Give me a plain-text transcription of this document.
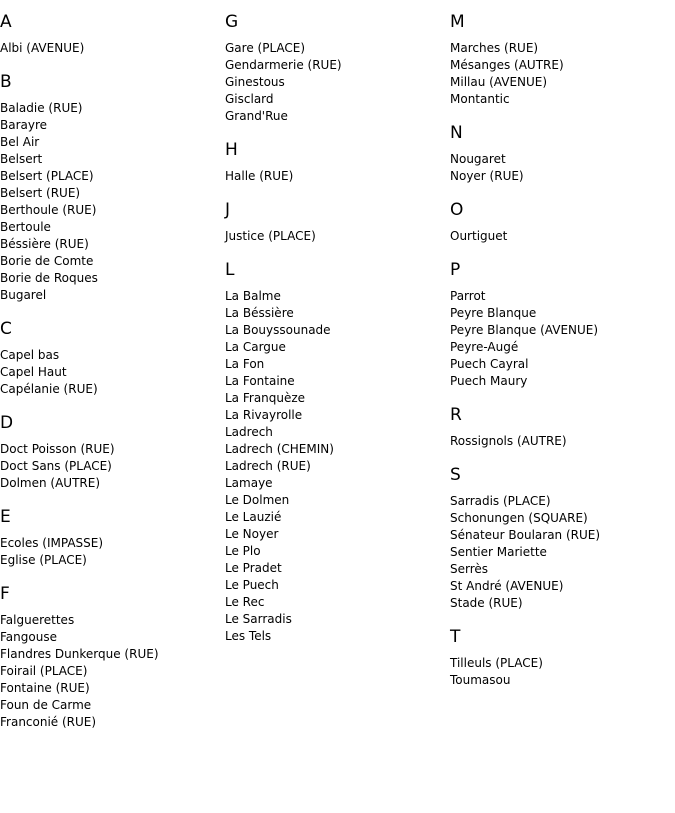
A
Albi (AVENUE)
B
Baladie (RUE)
Barayre
Bel Air
Belsert
Belsert (PLACE)
Belsert (RUE)
Berthoule (RUE)
Bertoule
Béssière (RUE)
Borie de Comte
Borie de Roques
Bugarel
C
Capel bas
Capel Haut
Capélanie (RUE)
D
Doct Poisson (RUE)
Doct Sans (PLACE)
Dolmen (AUTRE)
E
Ecoles (IMPASSE)
Eglise (PLACE)
F
Falguerettes
Fangouse
Flandres Dunkerque (RUE)
Foirail (PLACE)
Fontaine (RUE)
Foun de Carme
Franconié (RUE)
G
Gare (PLACE)
Gendarmerie (RUE)
Ginestous
Gisclard
Grand'Rue
H
Halle (RUE)
J
Justice (PLACE)
L
La Balme
La Béssière
La Bouyssounade
La Cargue
La Fon
La Fontaine
La Franquèze
La Rivayrolle
Ladrech
Ladrech (CHEMIN)
Ladrech (RUE)
Lamaye
Le Dolmen
Le Lauzié
Le Noyer
Le Plo
Le Pradet
Le Puech
Le Rec
Le Sarradis
Les Tels
M
Marches (RUE)
Mésanges (AUTRE)
Millau (AVENUE)
Montantic
N
Nougaret
Noyer (RUE)
O
Ourtiguet
P
Parrot
Peyre Blanque
Peyre Blanque (AVENUE)
Peyre-Augé
Puech Cayral
Puech Maury
R
Rossignols (AUTRE)
S
Sarradis (PLACE)
Schonungen (SQUARE)
Sénateur Boularan (RUE)
Sentier Mariette
Serrès
St André (AVENUE)
Stade (RUE)
T
Tilleuls (PLACE)
Toumasou
